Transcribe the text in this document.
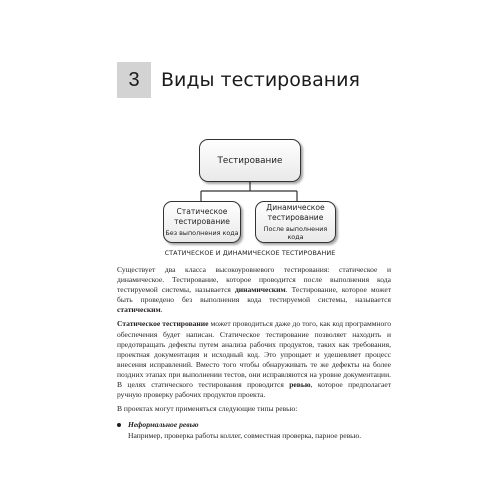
3	Виды тестирования
Тестирование
Статическое
тестирование
Без выполнения кода
Динамическое
тестирование
После выполнения кода
СТАТИЧЕСКОЕ И ДИНАМИЧЕСКОЕ ТЕСТИРОВАНИЕ

Существует два класса высокоуровневого тестирования: статическое и динамическое. Тестирование, которое проводится после выполнения кода тестируемой системы, называется динамическим. Тестирование, которое может быть проведено без выполнения кода тестируемой системы, называется статическим.

Статическое тестирование может проводиться даже до того, как код программного обеспечения будет написан. Статическое тестирование позволяет находить и предотвращать дефекты путем анализа рабочих продуктов, таких как требования, проектная документация и исходный код. Это упрощает и удешевляет процесс внесения исправлений. Вместо того чтобы обнаруживать те же дефекты на более поздних этапах при выполнении тестов, они исправляются на уровне документации. В целях статического тестирования проводится ревью, которое предполагает ручную проверку рабочих продуктов проекта.

В проектах могут применяться следующие типы ревью:

Неформальное ревью
Например, проверка работы коллег, совместная проверка, парное ревью.
